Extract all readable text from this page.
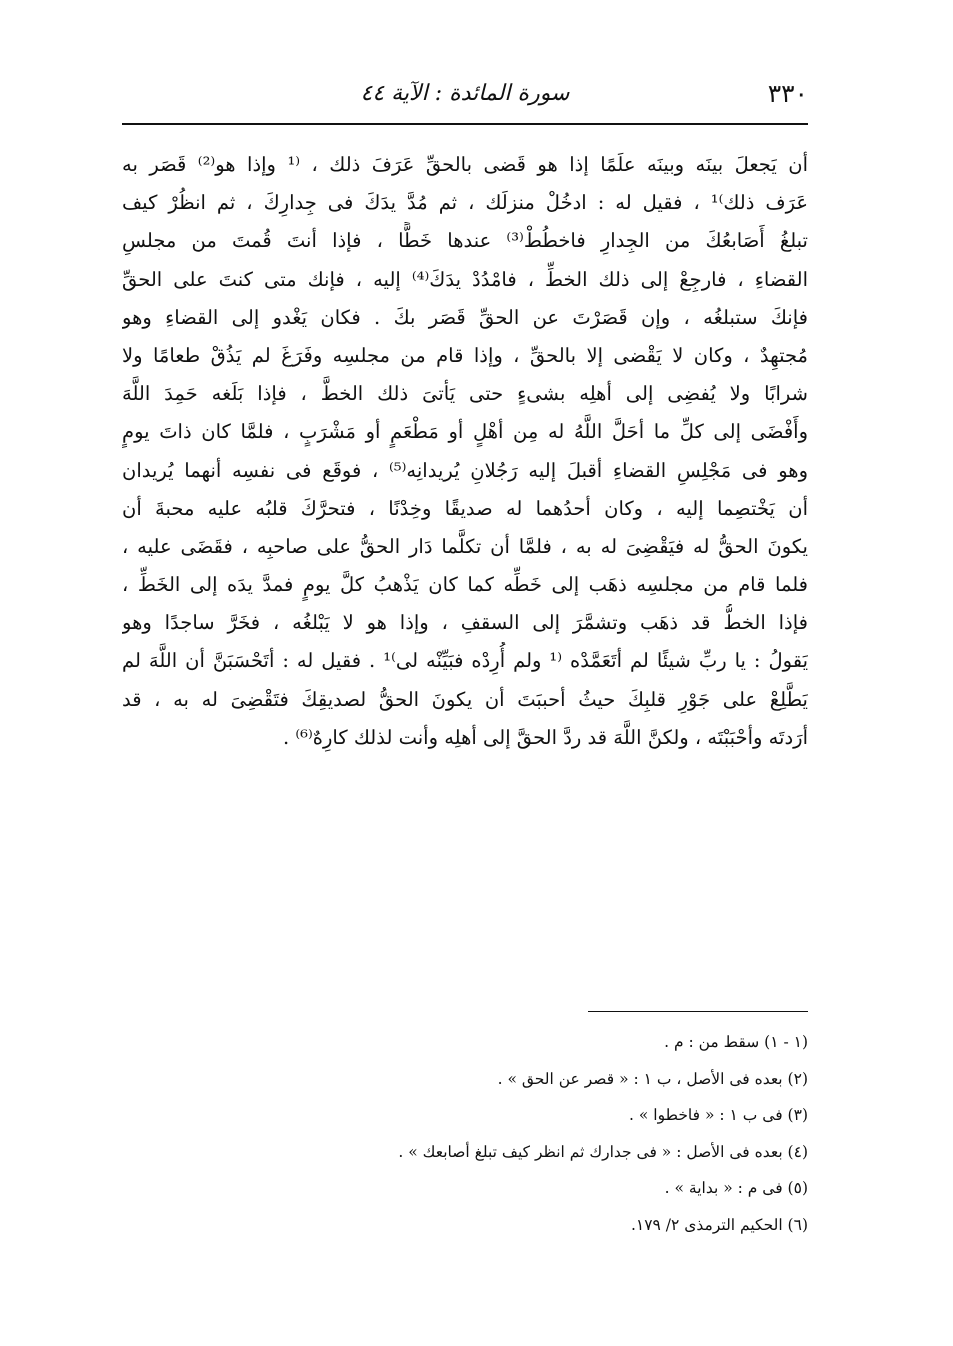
٣٣٠
سورة المائدة : الآية ٤٤
أن يَجعلَ بينَه وبينَه علَمًا إذا هو قَضى بالحقِّ عَرَفَ ذلك ، ⁽¹ وإذا هو⁽²⁾ قَصَر به
عَرَف ذلك⁾¹ ، فقيل له : ادخُلْ منزلَك ، ثم مُدَّ يدَكَ فى جِدارِكَ ، ثم انظُرْ كيف
تبلغُ أَصَابعُكَ من الجِدارِ فاخطُطْ⁽³⁾ عندها خَطًّا ، فإذا أنتَ قُمتَ من مجلسِ
القضاءِ ، فارجِعْ إلى ذلك الخطِّ ، فامْدُدْ يدَكَ⁽⁴⁾ إليه ، فإنك متى كنتَ على الحقِّ
فإنكَ ستبلغُه ، وإن قَصَرْتَ عن الحقِّ قَصَر بكَ . فكان يَغْدو إلى القضاءِ وهو
مُجتهِدٌ ، وكان لا يَقْضى إلا بالحقِّ ، وإذا قام من مجلسِه وفَرَغَ لم يَذُقْ طعامًا ولا
شرابًا ولا يُفضِى إلى أهلِه بشىءٍ حتى يَأتىَ ذلك الخطَّ ، فإذا بَلَغه حَمِدَ اللَّهَ
وأَفْضَى إلى كلِّ ما أحَلَّ اللَّهُ له مِن أهْلٍ أو مَطْعَمٍ أو مَشْرَبٍ ، فلمَّا كان ذاتَ يومٍ
وهو فى مَجْلِسِ القضاءِ أقبلَ إليه رَجُلانِ يُريدانِه⁽⁵⁾ ، فوقَع فى نفسِه أنهما يُريدان
أن يَخْتصِما إليه ، وكان أحدُهما له صديقًا وخِدْنًا ، فتحرَّكَ قلبُه عليه محبةَ أن
يكونَ الحقُّ له فيَقْضِىَ له به ، فلمَّا أن تكلَّما دَار الحقُّ على صاحبِه ، فقَضَى عليه ،
فلما قام من مجلسِه ذهَب إلى خَطِّه كما كان يَذْهبُ كلَّ يومٍ فمدَّ يدَه إلى الخَطِّ ،
فإذا الخطُّ قد ذهَب وتشمَّرَ إلى السقفِ ، وإذا هو لا يَبْلغُه ، فخَرَّ ساجدًا وهو
يَقولُ : يا ربِّ شيئًا لم أتَعَمَّدْه ⁽¹ ولم أُرِدْه فبَيِّنْه لى⁾¹ . فقيل له : أتَحْسَبَنَّ أن اللَّهَ لم
يَطَّلِعْ على جَوْرِ قلبِكَ حيثُ أحببَتَ أن يكونَ الحقُّ لصديقِكَ فتَقْضِىَ له به ، قد
أرَدتَه وأحْبَبْتَه ، ولكنَّ اللَّهَ قد ردَّ الحقَّ إلى أهلِه وأنت لذلك كارِهٌ⁽⁶⁾ .
(١ - ١) سقط من : م .
(٢) بعده فى الأصل ، ب ١ : « قصر عن الحق » .
(٣) فى ب ١ : « فاخطوا » .
(٤) بعده فى الأصل : « فى جدارك ثم انظر كيف تبلغ أصابعك » .
(٥) فى م : « بداية » .
(٦) الحكيم الترمذى ٢/ ١٧٩.
